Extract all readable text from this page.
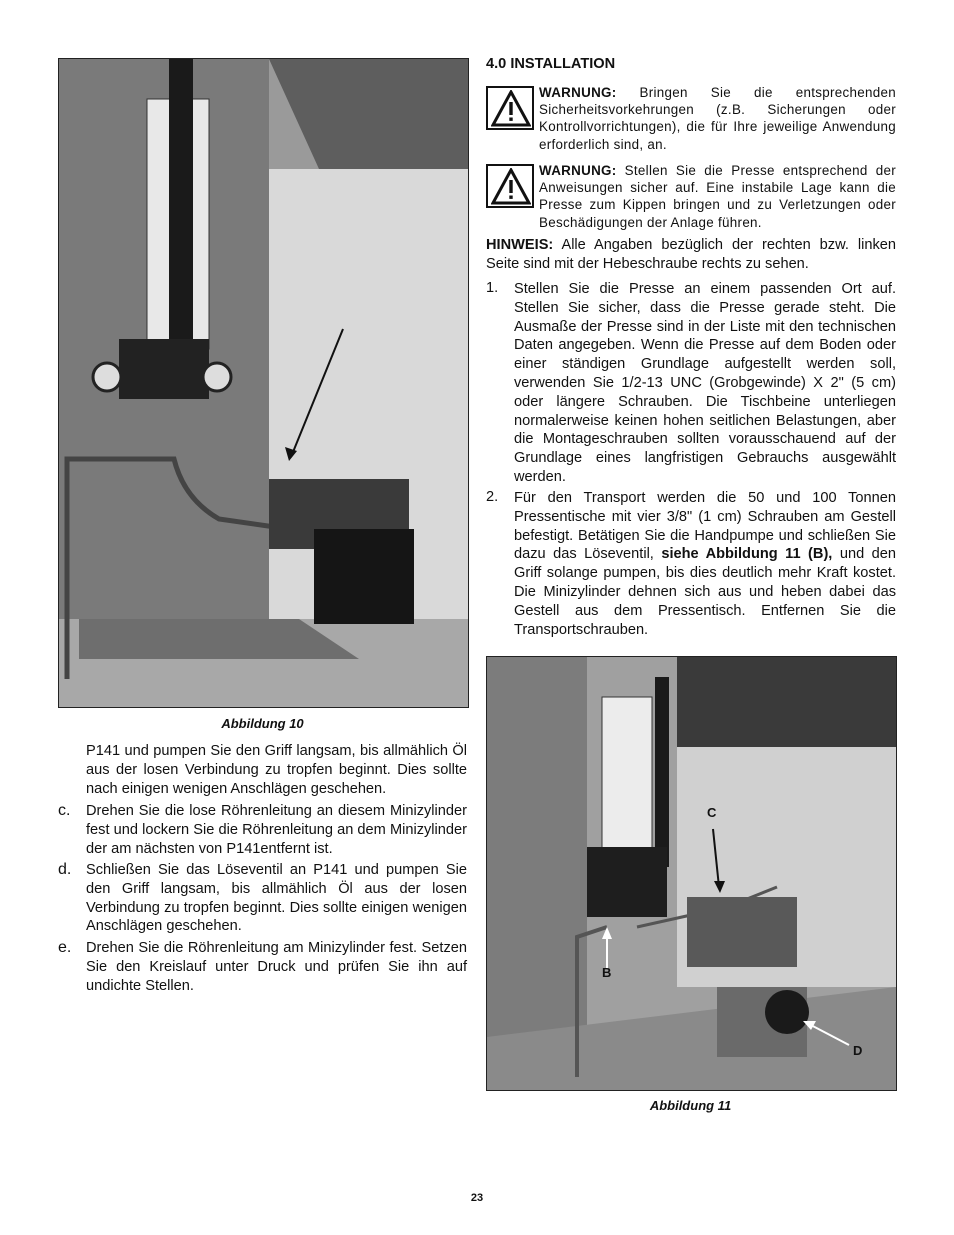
Abbildung 10
P141 und pumpen Sie den Griff langsam, bis allmählich Öl aus der losen Verbindung zu tropfen beginnt. Dies sollte nach einigen wenigen Anschlägen geschehen.
c. Drehen Sie die lose Röhrenleitung an diesem Minizylinder fest und lockern Sie die Röhrenleitung an dem Minizylinder der am nächsten von P141entfernt ist.
d. Schließen Sie das Löseventil an P141 und pumpen Sie den Griff langsam, bis allmählich Öl aus der losen Verbindung zu tropfen beginnt. Dies sollte einigen wenigen Anschlägen geschehen.
e. Drehen Sie die Röhrenleitung am Minizylinder fest. Setzen Sie den Kreislauf unter Druck und prüfen Sie ihn auf undichte Stellen.
4.0 INSTALLATION
WARNUNG: Bringen Sie die entsprechenden Sicherheitsvorkehrungen (z.B. Sicherungen oder Kontrollvorrichtungen), die für Ihre jeweilige Anwendung erforderlich sind, an.
WARNUNG: Stellen Sie die Presse entsprechend der Anweisungen sicher auf. Eine instabile Lage kann die Presse zum Kippen bringen und zu Verletzungen oder Beschädigungen der Anlage führen.
HINWEIS: Alle Angaben bezüglich der rechten bzw. linken Seite sind mit der Hebeschraube rechts zu sehen.
1. Stellen Sie die Presse an einem passenden Ort auf. Stellen Sie sicher, dass die Presse gerade steht. Die Ausmaße der Presse sind in der Liste mit den technischen Daten angegeben. Wenn die Presse auf dem Boden oder einer ständigen Grundlage aufgestellt werden soll, verwenden Sie 1/2-13 UNC (Grobgewinde) X 2" (5 cm) oder längere Schrauben. Die Tischbeine unterliegen normalerweise keinen hohen seitlichen Belastungen, aber die Montageschrauben sollten vorausschauend auf der Grundlage eines langfristigen Gebrauchs ausgewählt werden.
2. Für den Transport werden die 50 und 100 Tonnen Pressentische mit vier 3/8" (1 cm) Schrauben am Gestell befestigt. Betätigen Sie die Handpumpe und schließen Sie dazu das Löseventil, siehe Abbildung 11 (B), und den Griff solange pumpen, bis dies deutlich mehr Kraft kostet. Die Minizylinder dehnen sich aus und heben dabei das Gestell aus dem Pressentisch. Entfernen Sie die Transportschrauben.
B
C
D
Abbildung 11
23
